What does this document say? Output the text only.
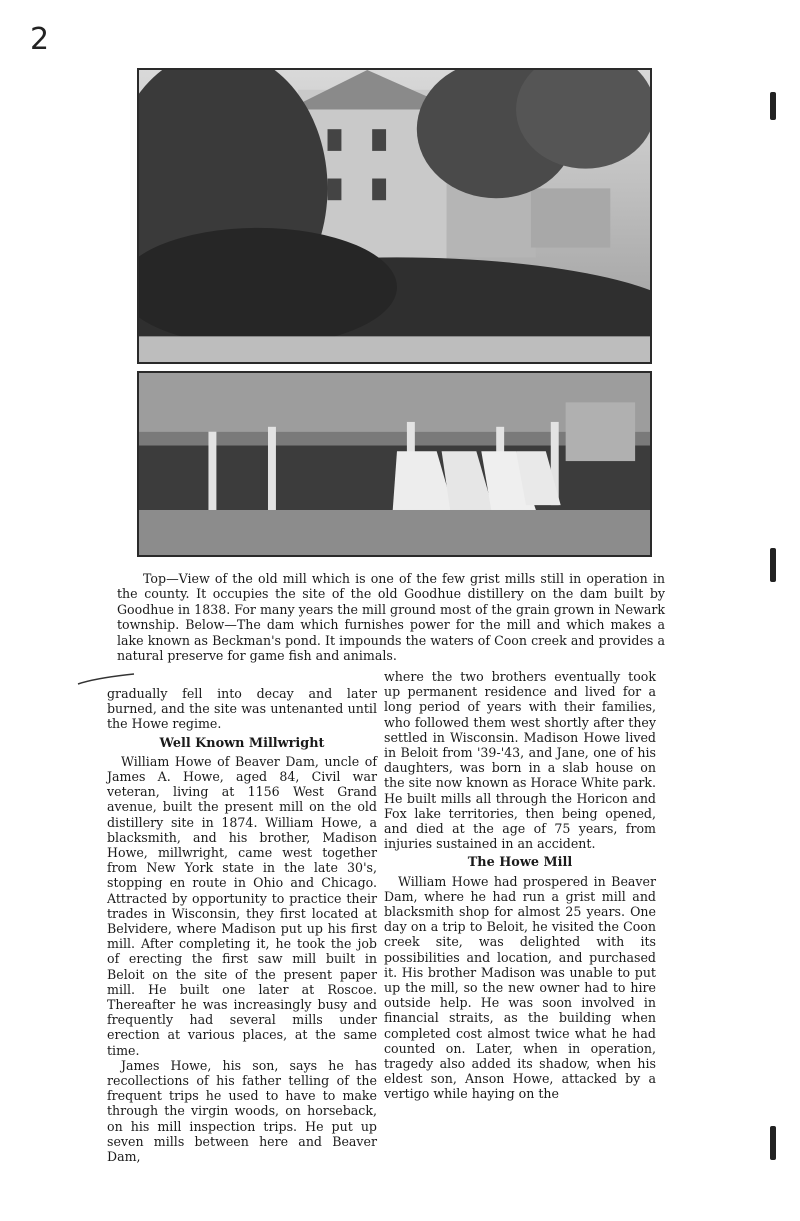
2
Top—View of the old mill which is one of the few grist mills still in operation in the county. It occupies the site of the old Goodhue distillery on the dam built by Goodhue in 1838. For many years the mill ground most of the grain grown in Newark township. Below—The dam which furnishes power for the mill and which makes a lake known as Beckman's pond. It impounds the waters of Coon creek and provides a natural preserve for game fish and animals.

gradually fell into decay and later burned, and the site was untenanted until the Howe regime.

Well Known Millwright

William Howe of Beaver Dam, uncle of James A. Howe, aged 84, Civil war veteran, living at 1156 West Grand avenue, built the present mill on the old distillery site in 1874. William Howe, a blacksmith, and his brother, Madison Howe, millwright, came west together from New York state in the late 30's, stopping en route in Ohio and Chicago. Attracted by opportunity to practice their trades in Wisconsin, they first located at Belvidere, where Madison put up his first mill. After completing it, he took the job of erecting the first saw mill built in Beloit on the site of the present paper mill. He built one later at Roscoe. Thereafter he was increasingly busy and frequently had several mills under erection at various places, at the same time.

James Howe, his son, says he has recollections of his father telling of the frequent trips he used to have to make through the virgin woods, on horseback, on his mill inspection trips. He put up seven mills between here and Beaver Dam,

where the two brothers eventually took up permanent residence and lived for a long period of years with their families, who followed them west shortly after they settled in Wisconsin. Madison Howe lived in Beloit from '39-'43, and Jane, one of his daughters, was born in a slab house on the site now known as Horace White park. He built mills all through the Horicon and Fox lake territories, then being opened, and died at the age of 75 years, from injuries sustained in an accident.

The Howe Mill

William Howe had prospered in Beaver Dam, where he had run a grist mill and blacksmith shop for almost 25 years. One day on a trip to Beloit, he visited the Coon creek site, was delighted with its possibilities and location, and purchased it. His brother Madison was unable to put up the mill, so the new owner had to hire outside help. He was soon involved in financial straits, as the building when completed cost almost twice what he had counted on. Later, when in operation, tragedy also added its shadow, when his eldest son, Anson Howe, attacked by a vertigo while haying on the
